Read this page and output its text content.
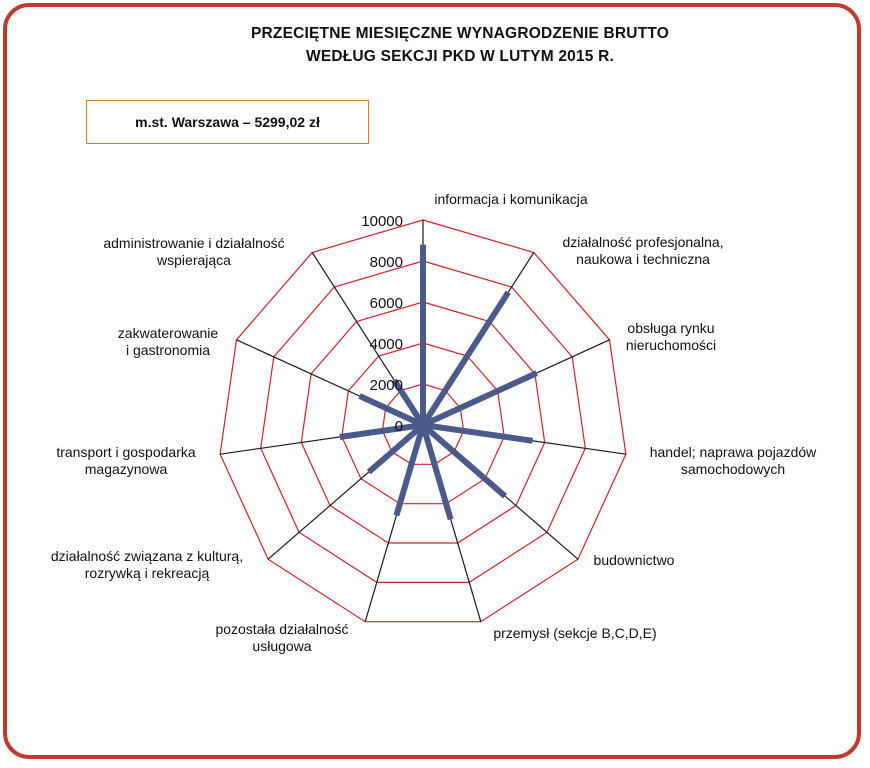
PRZECIĘTNE MIESIĘCZNE WYNAGRODZENIE BRUTTO
WEDŁUG SEKCJI PKD W LUTYM 2015 R.
m.st. Warszawa – 5299,02 zł
0
2000
4000
6000
8000
10000
informacja i komunikacja
działalność profesjonalna, naukowa i techniczna
obsługa rynku nieruchomości
handel; naprawa pojazdów samochodowych
budownictwo
przemysł (sekcje B,C,D,E)
pozostała działalność usługowa
działalność związana z kulturą, rozrywką i rekreacją
transport i gospodarka magazynowa
zakwaterowanie i gastronomia
administrowanie i działalność wspierająca
